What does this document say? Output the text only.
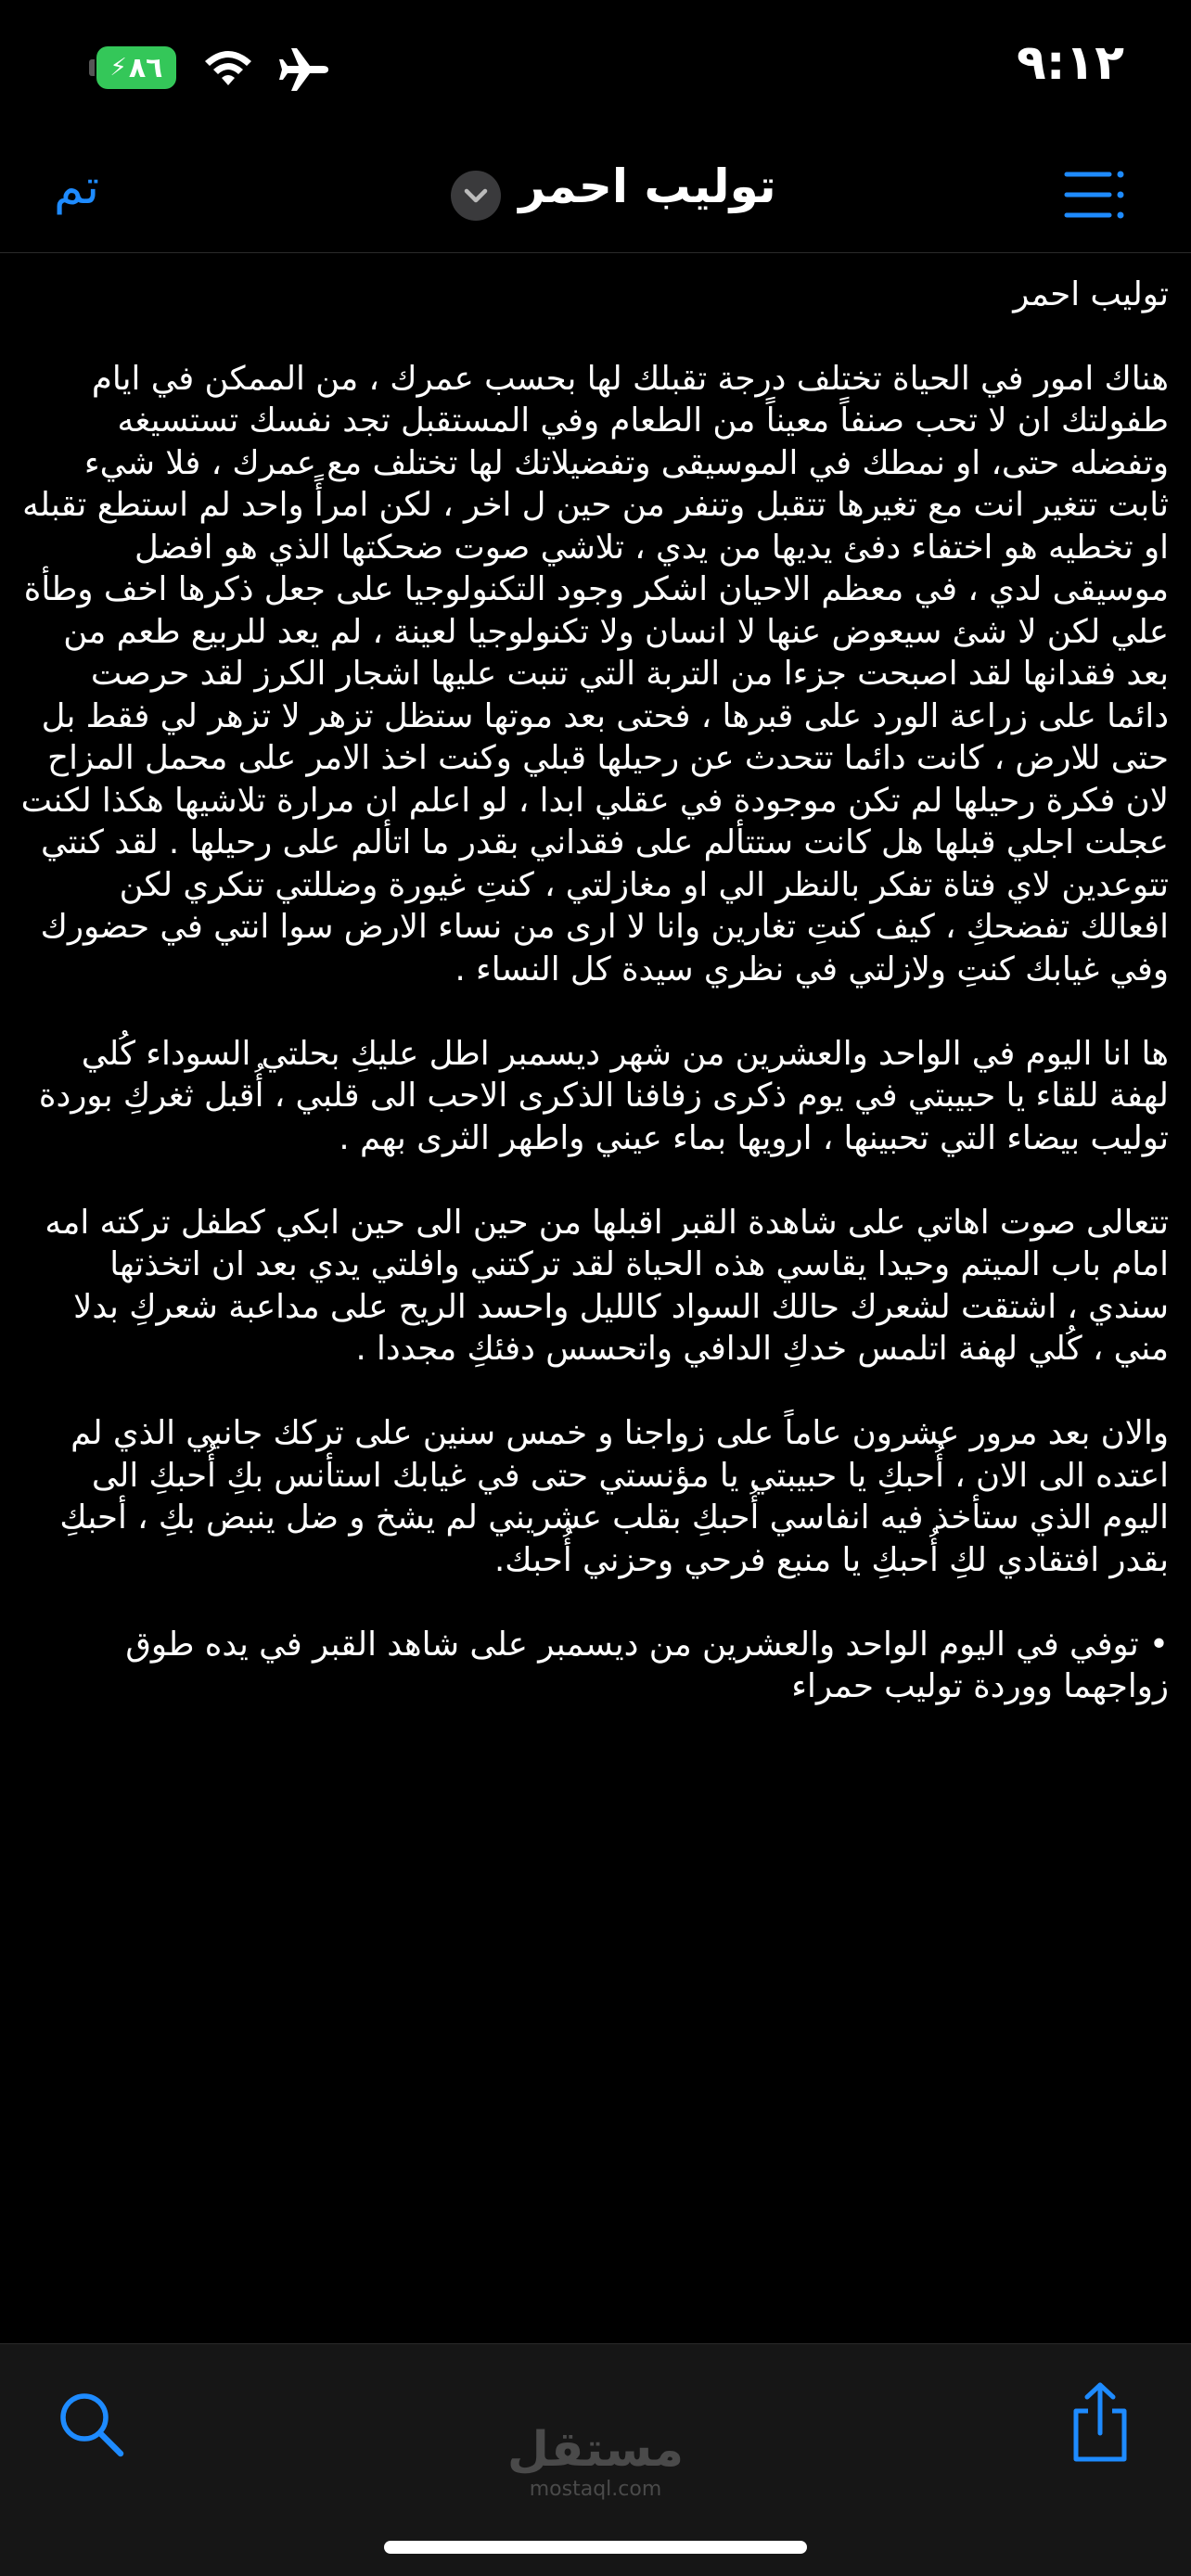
⚡ ٨٦	٩:١٢
تم	توليب احمر

توليب احمر

هناك امور في الحياة تختلف درجة تقبلك لها بحسب عمرك ، من الممكن في ايام طفولتك ان لا تحب صنفاً معيناً من الطعام وفي المستقبل تجد نفسك تستسيغه وتفضله حتى، او نمطك في الموسيقى وتفضيلاتك لها تختلف مع عمرك ، فلا شيء ثابت تتغير انت مع تغيرها تتقبل وتنفر من حين ل اخر ، لكن امرأً واحد لم استطع تقبله او تخطيه هو اختفاء دفئ يديها من يدي ، تلاشي صوت ضحكتها الذي هو افضل موسيقى لدي ، في معظم الاحيان اشكر وجود التكنولوجيا على جعل ذكرها اخف وطأة علي لكن لا شئ سيعوض عنها لا انسان ولا تكنولوجيا لعينة ، لم يعد للربيع طعم من بعد فقدانها لقد اصبحت جزءا من التربة التي تنبت عليها اشجار الكرز لقد حرصت دائما على زراعة الورد على قبرها ، فحتى بعد موتها ستظل تزهر لا تزهر لي فقط بل حتى للارض ، كانت دائما تتحدث عن رحيلها قبلي وكنت اخذ الامر على محمل المزاح لان فكرة رحيلها لم تكن موجودة في عقلي ابدا ، لو اعلم ان مرارة تلاشيها هكذا لكنت عجلت اجلي قبلها هل كانت ستتألم على فقداني بقدر ما اتألم على رحيلها . لقد كنتي تتوعدين لاي فتاة تفكر بالنظر الي او مغازلتي ، كنتِ غيورة وضللتي تنكري لكن افعالك تفضحكِ ، كيف كنتِ تغارين وانا لا ارى من نساء الارض سوا انتي في حضورك وفي غيابك كنتِ ولازلتي في نظري سيدة كل النساء .

ها انا اليوم في الواحد والعشرين من شهر ديسمبر اطل عليكِ بحلتي السوداء كُلي لهفة للقاء يا حبيبتي في يوم ذكرى زفافنا الذكرى الاحب الى قلبي ، أُقبل ثغركِ بوردة توليب بيضاء التي تحبينها ، ارويها بماء عيني واطهر الثرى بهم .

تتعالى صوت اهاتي على شاهدة القبر اقبلها من حين الى حين ابكي كطفل تركته امه امام باب الميتم وحيدا يقاسي هذه الحياة لقد تركتني وافلتي يدي بعد ان اتخذتها سندي ، اشتقت لشعرك حالك السواد كالليل واحسد الريح على مداعبة شعركِ بدلا مني ، كُلي لهفة اتلمس خدكِ الدافي واتحسس دفئكِ مجددا .

والان بعد مرور عشرون عاماً على زواجنا و خمس سنين على تركك جانبي الذي لم اعتده الى الان ، أُحبكِ يا حبيبتي يا مؤنستي حتى في غيابك استأنس بكِ أُحبكِ الى اليوم الذي ستأخذ فيه انفاسي أُحبكِ بقلب عشريني لم يشخ و ضل ينبض بكِ ، أحبكِ بقدر افتقادي لكِ أُحبكِ يا منبع فرحي وحزني أُحبك.

• توفي في اليوم الواحد والعشرين من ديسمبر على شاهد القبر في يده طوق زواجهما ووردة توليب حمراء

مستقل
mostaql.com
